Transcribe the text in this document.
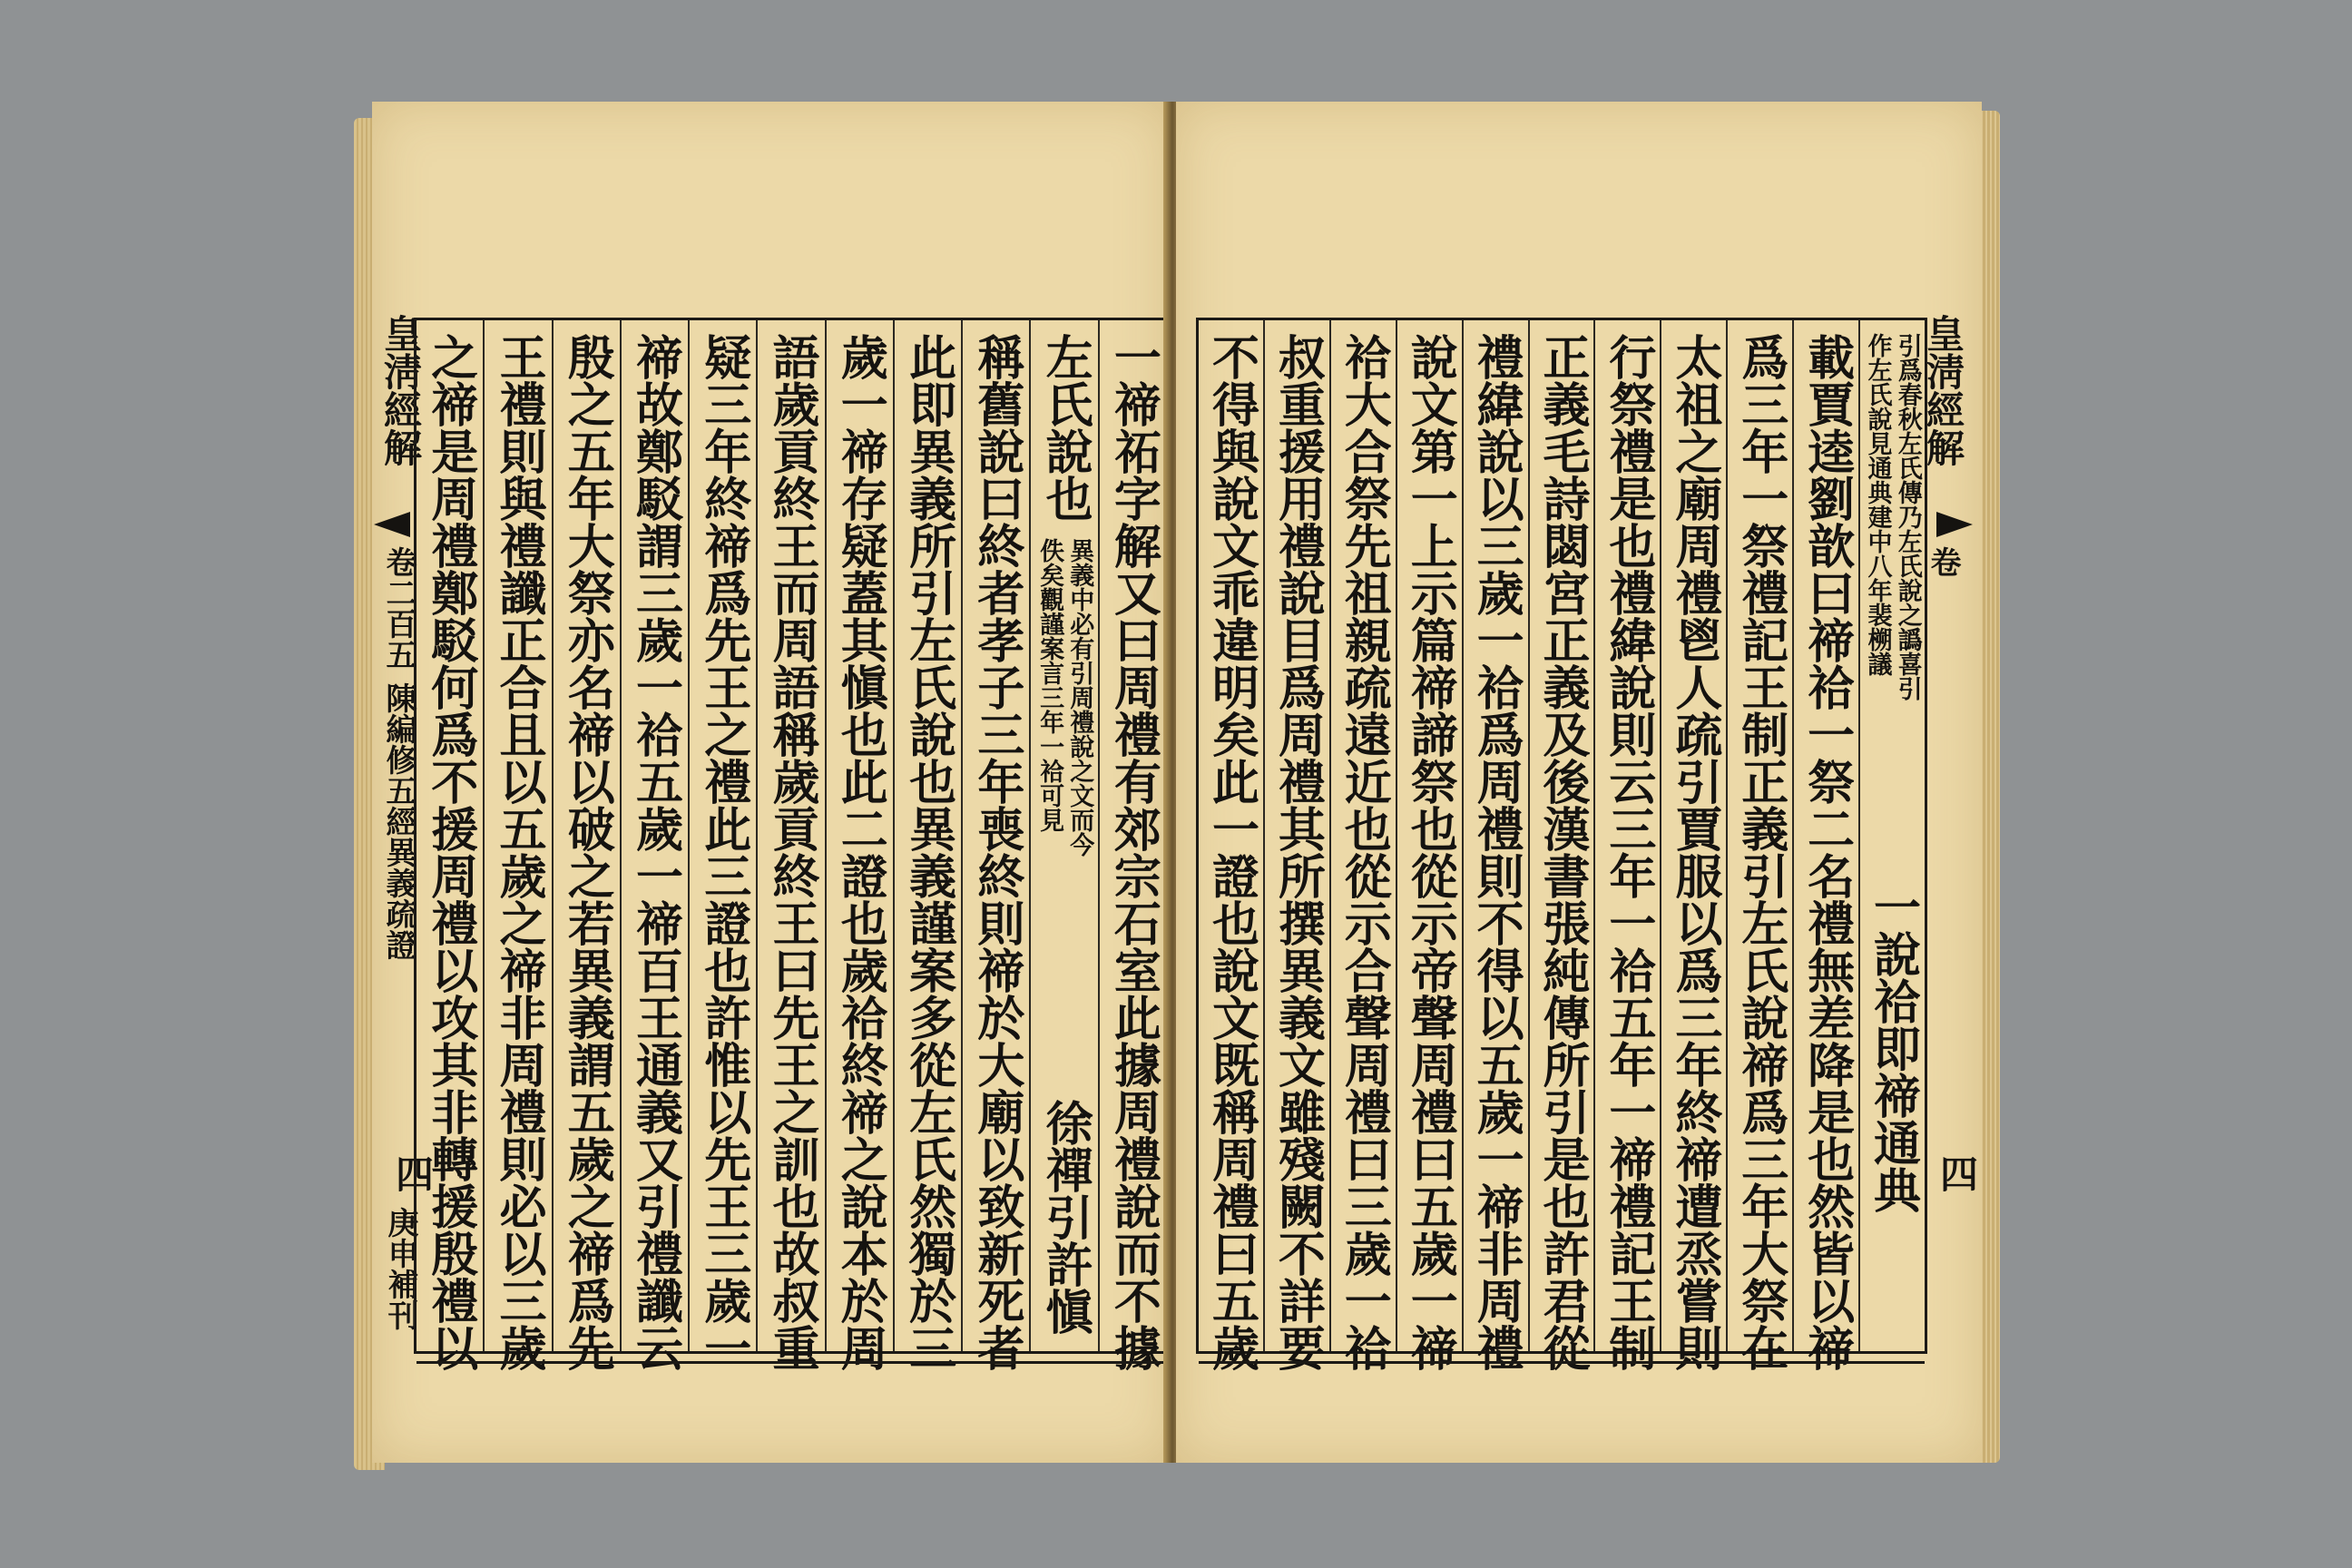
皇淸經解
卷二百五
陳編修五經異義疏證
四
庚申補刊	一禘祏字解又曰周禮有郊宗石室此據周禮說而不據
左氏說也
異義中必有引周禮說之文而今
佚矣觀謹案言三年一祫可見
徐禪引許愼
稱舊說曰終者孝子三年喪終則禘於大廟以致新死者
此即異義所引左氏說也異義謹案多從左氏然獨於三
歲一禘存疑蓋其愼也此二證也歲祫終禘之說本於周
語歲貢終王而周語稱歲貢終王曰先王之訓也故叔重
疑三年終禘爲先王之禮此三證也許惟以先王三歲一
禘故鄭駁謂三歲一祫五歲一禘百王通義又引禮讖云
殷之五年大祭亦名禘以破之若異義謂五歲之禘爲先
王禮則與禮讖正合且以五歲之禘非周禮則必以三歲
之禘是周禮鄭駁何爲不援周禮以攻其非轉援殷禮以	引爲春秋左氏傳乃左氏說之譌喜引
作左氏說見通典建中八年裴㮶議
一說祫即禘通典
載賈逵劉歆曰禘祫一祭二名禮無差降是也然皆以禘
爲三年一祭禮記王制正義引左氏說禘爲三年大祭在
太祖之廟周禮鬯人疏引賈服以爲三年終禘遭烝嘗則
行祭禮是也禮緯說則云三年一祫五年一禘禮記王制
正義毛詩閟宮正義及後漢書張純傳所引是也許君從
禮緯說以三歲一祫爲周禮則不得以五歲一禘非周禮
說文第一上示篇禘諦祭也從示帝聲周禮曰五歲一禘
祫大合祭先祖親疏遠近也從示合聲周禮曰三歲一祫
叔重援用禮說目爲周禮其所撰異義文雖殘闕不詳要
不得與說文乖違明矣此一證也說文既稱周禮曰五歲	皇淸經解
卷
四
